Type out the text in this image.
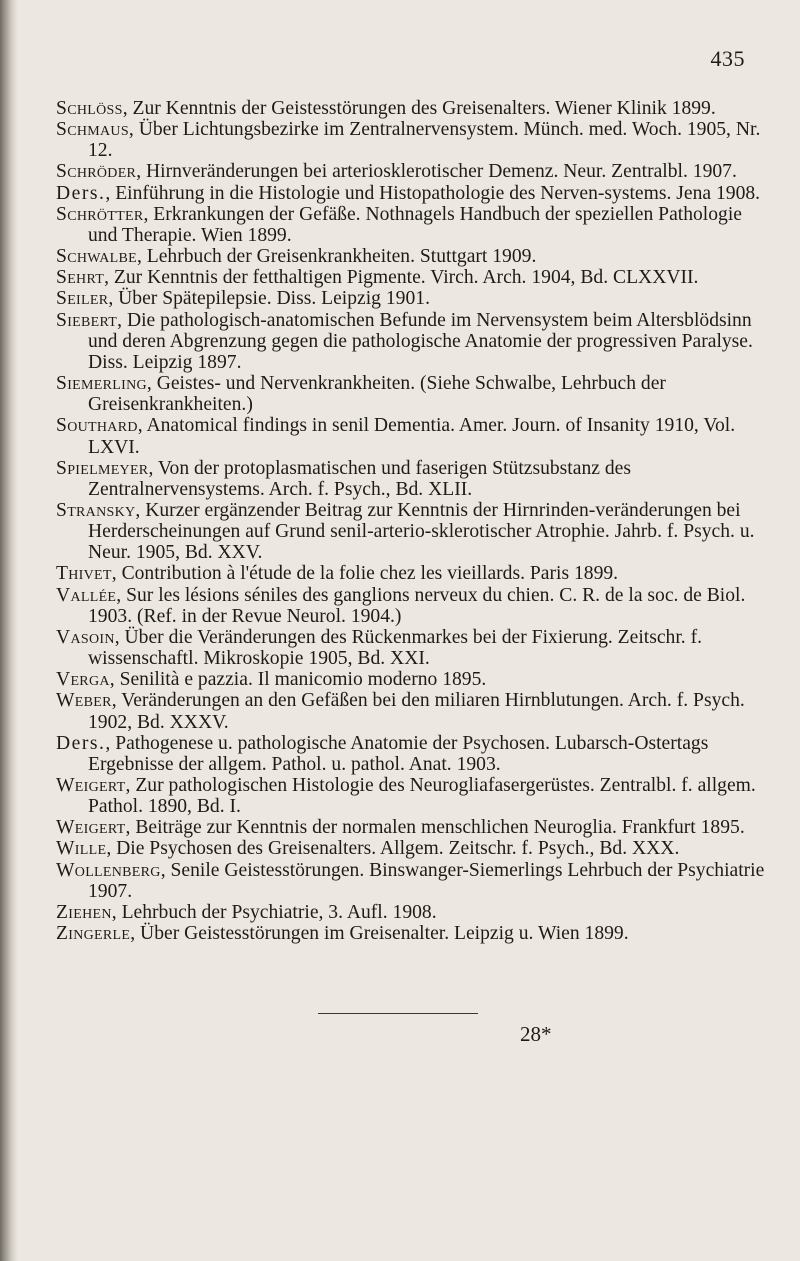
435

Schlöss, Zur Kenntnis der Geistesstörungen des Greisenalters. Wiener Klinik 1899.

Schmaus, Über Lichtungsbezirke im Zentralnervensystem. Münch. med. Woch. 1905, Nr. 12.

Schröder, Hirnveränderungen bei arteriosklerotischer Demenz. Neur. Zentralbl. 1907.

Ders., Einführung in die Histologie und Histopathologie des Nerven-systems. Jena 1908.

Schrötter, Erkrankungen der Gefäße. Nothnagels Handbuch der speziellen Pathologie und Therapie. Wien 1899.

Schwalbe, Lehrbuch der Greisenkrankheiten. Stuttgart 1909.

Sehrt, Zur Kenntnis der fetthaltigen Pigmente. Virch. Arch. 1904, Bd. CLXXVII.

Seiler, Über Spätepilepsie. Diss. Leipzig 1901.

Siebert, Die pathologisch-anatomischen Befunde im Nervensystem beim Altersblödsinn und deren Abgrenzung gegen die pathologische Anatomie der progressiven Paralyse. Diss. Leipzig 1897.

Siemerling, Geistes- und Nervenkrankheiten. (Siehe Schwalbe, Lehrbuch der Greisenkrankheiten.)

Southard, Anatomical findings in senil Dementia. Amer. Journ. of Insanity 1910, Vol. LXVI.

Spielmeyer, Von der protoplasmatischen und faserigen Stützsubstanz des Zentralnervensystems. Arch. f. Psych., Bd. XLII.

Stransky, Kurzer ergänzender Beitrag zur Kenntnis der Hirnrinden-veränderungen bei Herderscheinungen auf Grund senil-arterio-sklerotischer Atrophie. Jahrb. f. Psych. u. Neur. 1905, Bd. XXV.

Thivet, Contribution à l'étude de la folie chez les vieillards. Paris 1899.

Vallée, Sur les lésions séniles des ganglions nerveux du chien. C. R. de la soc. de Biol. 1903. (Ref. in der Revue Neurol. 1904.)

Vasoin, Über die Veränderungen des Rückenmarkes bei der Fixierung. Zeitschr. f. wissenschaftl. Mikroskopie 1905, Bd. XXI.

Verga, Senilità e pazzia. Il manicomio moderno 1895.

Weber, Veränderungen an den Gefäßen bei den miliaren Hirnblutungen. Arch. f. Psych. 1902, Bd. XXXV.

Ders., Pathogenese u. pathologische Anatomie der Psychosen. Lubarsch-Ostertags Ergebnisse der allgem. Pathol. u. pathol. Anat. 1903.

Weigert, Zur pathologischen Histologie des Neurogliafasergerüstes. Zentralbl. f. allgem. Pathol. 1890, Bd. I.

Weigert, Beiträge zur Kenntnis der normalen menschlichen Neuroglia. Frankfurt 1895.

Wille, Die Psychosen des Greisenalters. Allgem. Zeitschr. f. Psych., Bd. XXX.

Wollenberg, Senile Geistesstörungen. Binswanger-Siemerlings Lehrbuch der Psychiatrie 1907.

Ziehen, Lehrbuch der Psychiatrie, 3. Aufl. 1908.

Zingerle, Über Geistesstörungen im Greisenalter. Leipzig u. Wien 1899.

28*
